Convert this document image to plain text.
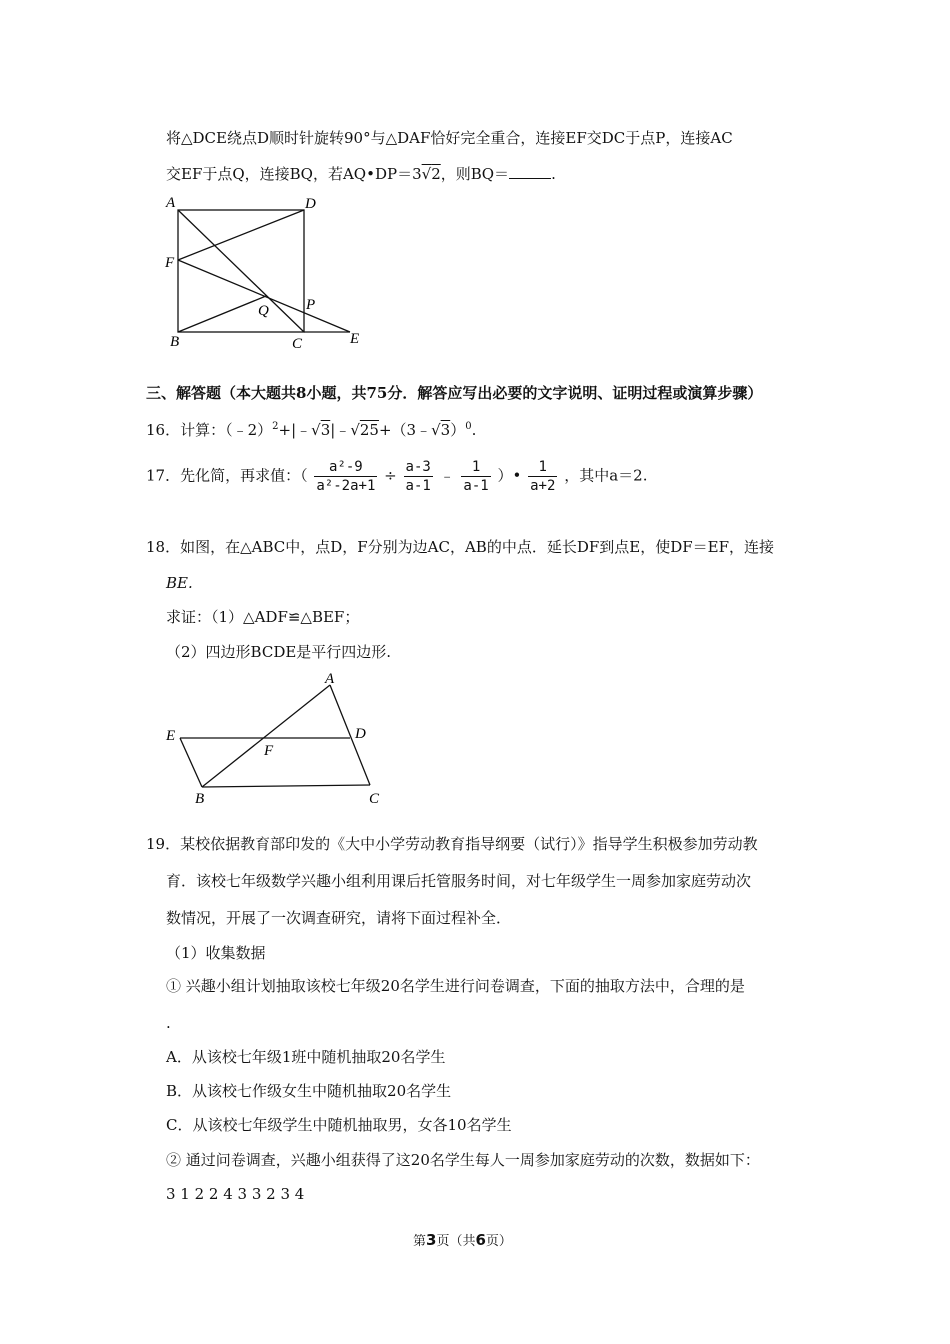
将△DCE绕点D顺时针旋转90°与△DAF恰好完全重合，连接EF交DC于点P，连接AC
交EF于点Q，连接BQ，若AQ•DP＝3√2，则BQ＝	.
A	D
F
Q P
B	C	E
三、解答题（本大题共8小题，共75分．解答应写出必要的文字说明、证明过程或演算步骤）
16．计算：（﹣2）$^2$+|﹣√3|﹣√25+（3﹣√3）$^0$.
17．先化简，再求值：（ $\frac{\text{a²-9}}{\text{a²-2a+1}} \div \frac{a-3}{a-1}$ ﹣ $\frac{1}{a-1}$ ）• $\frac{1}{a+2}$ ，其中a＝2.
18．如图，在△ABC中，点D，F分别为边AC，AB的中点．延长DF到点E，使DF＝EF，连接
BE.
求证：（1）△ADF≌△BEF；
（2）四边形BCDE是平行四边形.
A
E
F
D
B	C
19．某校依据教育部印发的《大中小学劳动教育指导纲要（试行）》指导学生积极参加劳动教
育．该校七年级数学兴趣小组利用课后托管服务时间，对七年级学生一周参加家庭劳动次
数情况，开展了一次调查研究，请将下面过程补全．
（1）收集数据
① 兴趣小组计划抽取该校七年级20名学生进行问卷调查，下面的抽取方法中，合理的是
.
A．从该校七年级1班中随机抽取20名学生
B．从该校七作级女生中随机抽取20名学生
C．从该校七年级学生中随机抽取男，女各10名学生
② 通过问卷调查，兴趣小组获得了这20名学生每人一周参加家庭劳动的次数，数据如下：
3 1 2 2 4 3 3 2 3 4
第3页（共6页）
